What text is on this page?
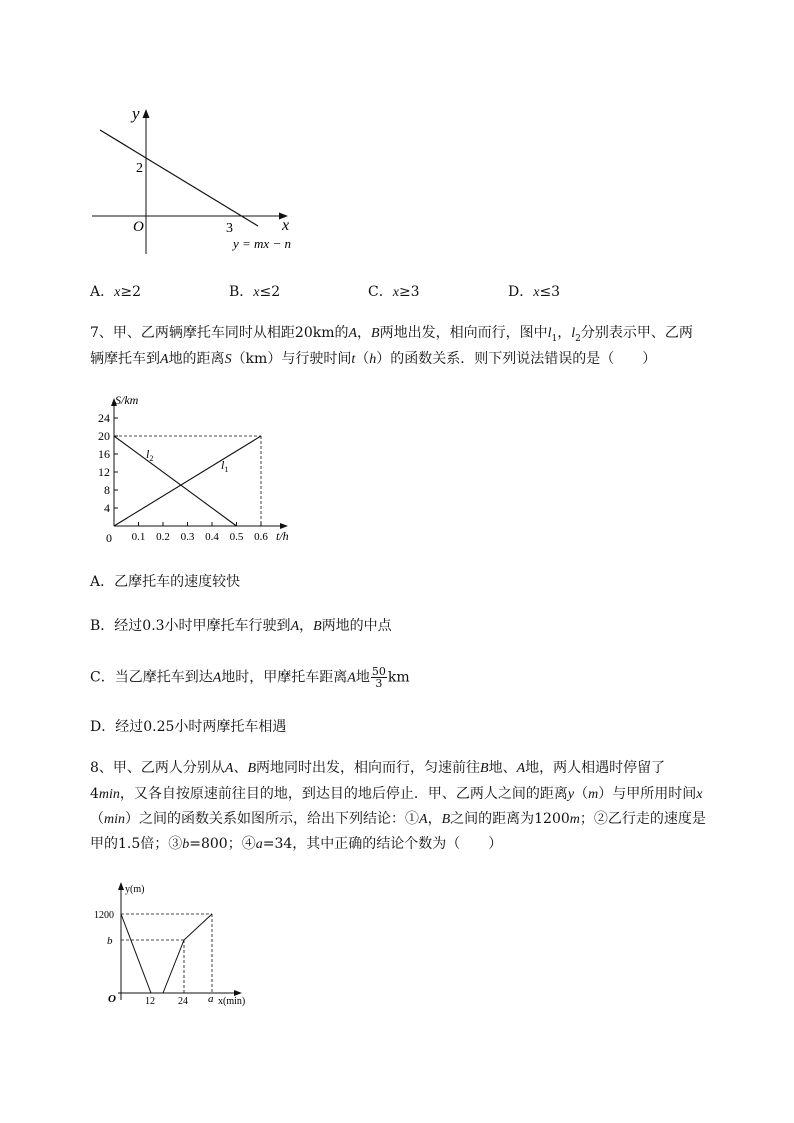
y
x
O
2
3
y = mx − n
A．x≥2	B．x≤2	C．x≥3	D．x≤3
7、甲、乙两辆摩托车同时从相距20km的A，B两地出发，相向而行，图中$l_1$，$l_2$分别表示甲、乙两
辆摩托车到A地的距离S（km）与行驶时间t（h）的函数关系．则下列说法错误的是（　　）
4
8
12
16
20
24
0.1 0.2 0.3 0.4 0.5 0.6
S/km
t/h
0
$l_2$	$l_1$
A．乙摩托车的速度较快
B．经过0.3小时甲摩托车行驶到A，B两地的中点
C．当乙摩托车到达A地时，甲摩托车距离A地 $\frac{50}{3}$ km
D．经过0.25小时两摩托车相遇
8、甲、乙两人分别从A、B两地同时出发，相向而行，匀速前往B地、A地，两人相遇时停留了
4min，又各自按原速前往目的地，到达目的地后停止．甲、乙两人之间的距离y（m）与甲所用时间x
（min）之间的函数关系如图所示，给出下列结论：①A，B之间的距离为1200m；②乙行走的速度是
甲的1.5倍；③b=800；④a=34，其中正确的结论个数为（　　）
y(m)
x(min)
O
1200
b
12 24 a
